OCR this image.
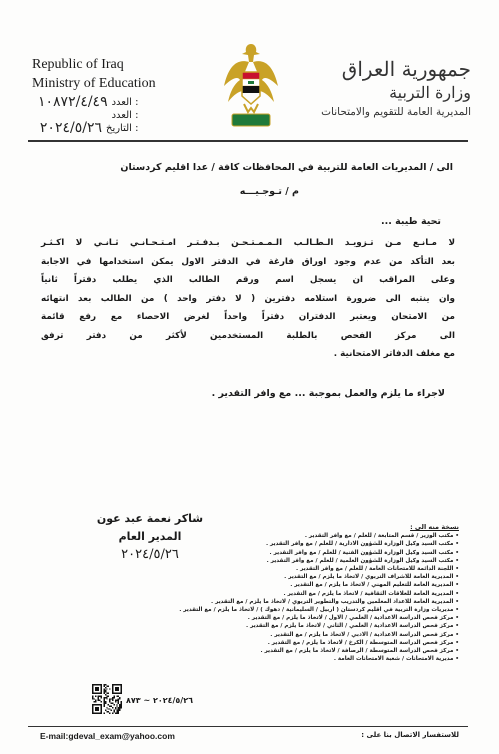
Republic of Iraq
Ministry of Education
العدد :
١٠٨٧٢/٤/٤٩
العدد :
التاريخ :
٢٠٢٤/٥/٢٦
جمهورية العراق
وزارة التربية
المديرية العامة للتقويم والامتحانات
الى / المديريات العامة للتربية في المحافظات كافة / عدا اقليم كردستان
م / تـوجـيـــه
تحية طيبة ...

لا مـانـع مـن تـزويـد الـطـالـب الـمـمـتـحـن بـدفـتـر امـتـحـانـي ثـانـي لا اكـثـر

بعد التأكد من عدم وجود اوراق فارغة في الدفتر الاول يمكن استخدامها في الاجابة

وعلى المراقب ان يسجل اسم ورقم الطالب الذي يطلب دفتراً ثانياً

وان ينتبه الى ضرورة استلامه دفترين ( لا دفتر واحد ) من الطالب بعد انتهائه

من الامتحان ويعتبر الدفتران دفتراً واحداً لغرض الاحصاء مع رفع قائمة

الى مركز الفحص بالطلبة المستخدمين لأكثر من دفتر ترفق

مع مغلف الدفاتر الامتحانية .

لاجراء ما يلزم والعمل بموجبة ... مع وافر التقدير .
شاكر نعمة عبد عون
المدير العام
٢٠٢٤/٥/٢٦
نسخة منه الى :
• مكتب الوزير / قسم المتابعة / للعلم / مع وافر التقدير .
• مكتب السيد وكيل الوزارة للشؤون الادارية / للعلم / مع وافر التقدير .
• مكتب السيد وكيل الوزارة للشؤون الفنية / للعلم / مع وافر التقدير .
• مكتب السيد وكيل الوزارة للشؤون العلمية / للعلم / مع وافر التقدير .
• اللجنة الدائمة للامتحانات العامة / للعلم / مع وافر التقدير .
• المديرية العامة للاشراف التربوي / لاتخاذ ما يلزم / مع التقدير .
• المديرية العامة للتعليم المهني / لاتخاذ ما يلزم / مع التقدير .
• المديرية العامة للعلاقات الثقافية / لاتخاذ ما يلزم / مع التقدير .
• المديرية العامة للاعداد المعلمين والتدريب والتطوير التربوي / لاتخاذ ما يلزم / مع التقدير .
• مديريات وزارة التربية في اقليم كردستان ( اربيل / السليمانية / دهوك ) / لاتخاذ ما يلزم / مع التقدير .
• مركز فحص الدراسة الاعدادية / العلمي / الاول / لاتخاذ ما يلزم / مع التقدير .
• مركز فحص الدراسة الاعدادية / العلمي / الثاني / لاتخاذ ما يلزم / مع التقدير .
• مركز فحص الدراسة الاعدادية / الادبي / لاتخاذ ما يلزم / مع التقدير .
• مركز فحص الدراسة المتوسطة / الكرخ / لاتخاذ ما يلزم / مع التقدير .
• مركز فحص الدراسة المتوسطة / الرصافة / لاتخاذ ما يلزم / مع التقدير .
• مديرية الامتحانات / شعبة الامتحانات العامة .
٢٠٢٤/٥/٢٦ ~ ٨٧٣
E-mail:gdeval_exam@yahoo.com	للاستفسار الاتصال بنا على :
